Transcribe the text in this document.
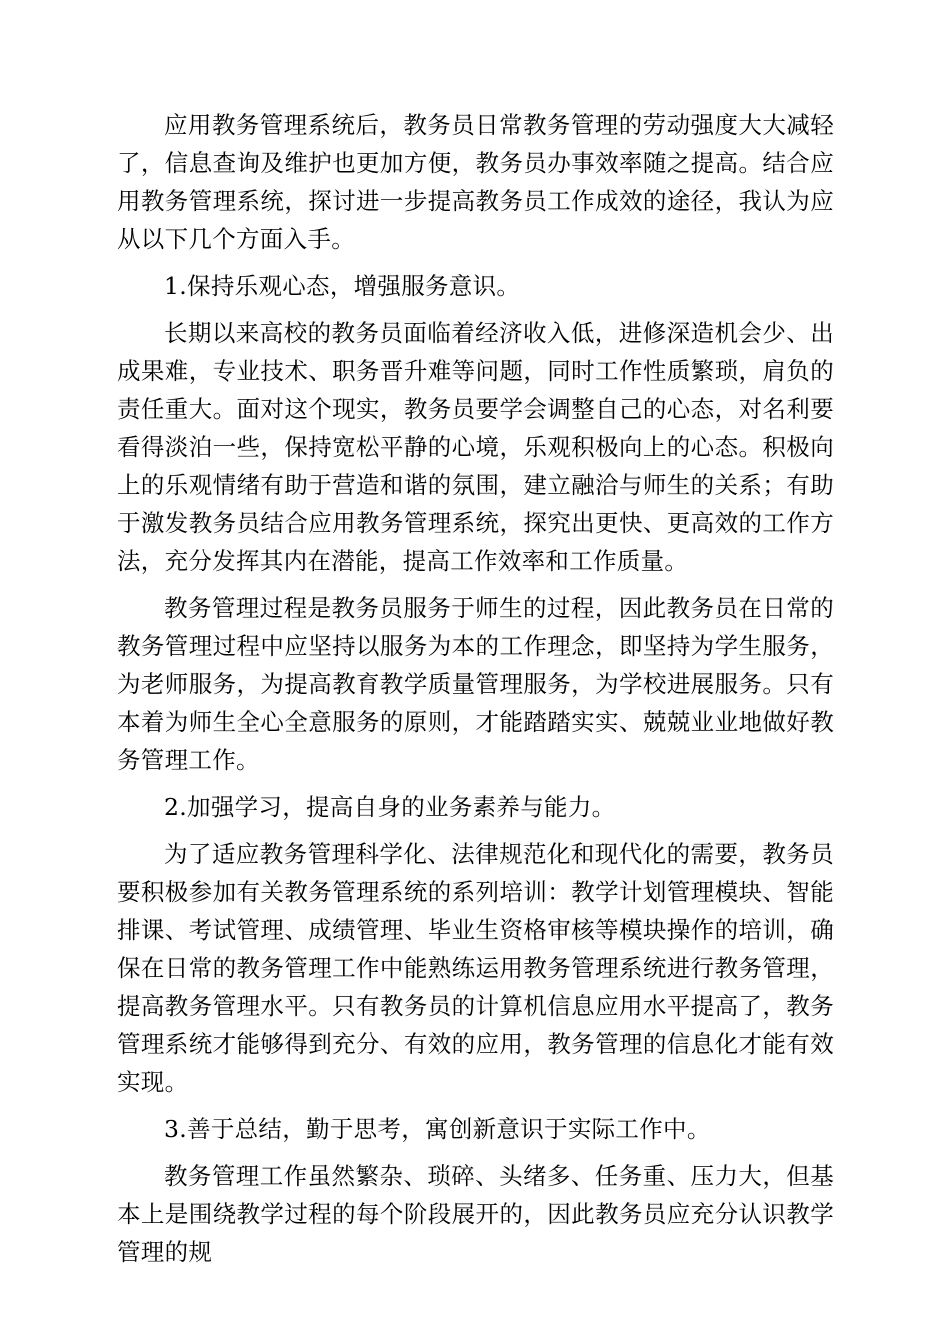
应用教务管理系统后，教务员日常教务管理的劳动强度大大减轻了，信息查询及维护也更加方便，教务员办事效率随之提高。结合应用教务管理系统，探讨进一步提高教务员工作成效的途径，我认为应从以下几个方面入手。

1.保持乐观心态，增强服务意识。

长期以来高校的教务员面临着经济收入低，进修深造机会少、出成果难，专业技术、职务晋升难等问题，同时工作性质繁琐，肩负的责任重大。面对这个现实，教务员要学会调整自己的心态，对名利要看得淡泊一些，保持宽松平静的心境，乐观积极向上的心态。积极向上的乐观情绪有助于营造和谐的氛围，建立融洽与师生的关系；有助于激发教务员结合应用教务管理系统，探究出更快、更高效的工作方法，充分发挥其内在潜能，提高工作效率和工作质量。

教务管理过程是教务员服务于师生的过程，因此教务员在日常的教务管理过程中应坚持以服务为本的工作理念，即坚持为学生服务，为老师服务，为提高教育教学质量管理服务，为学校进展服务。只有本着为师生全心全意服务的原则，才能踏踏实实、兢兢业业地做好教务管理工作。

2.加强学习，提高自身的业务素养与能力。

为了适应教务管理科学化、法律规范化和现代化的需要，教务员要积极参加有关教务管理系统的系列培训：教学计划管理模块、智能排课、考试管理、成绩管理、毕业生资格审核等模块操作的培训，确保在日常的教务管理工作中能熟练运用教务管理系统进行教务管理，提高教务管理水平。只有教务员的计算机信息应用水平提高了，教务管理系统才能够得到充分、有效的应用，教务管理的信息化才能有效实现。

3.善于总结，勤于思考，寓创新意识于实际工作中。

教务管理工作虽然繁杂、琐碎、头绪多、任务重、压力大，但基本上是围绕教学过程的每个阶段展开的，因此教务员应充分认识教学管理的规
